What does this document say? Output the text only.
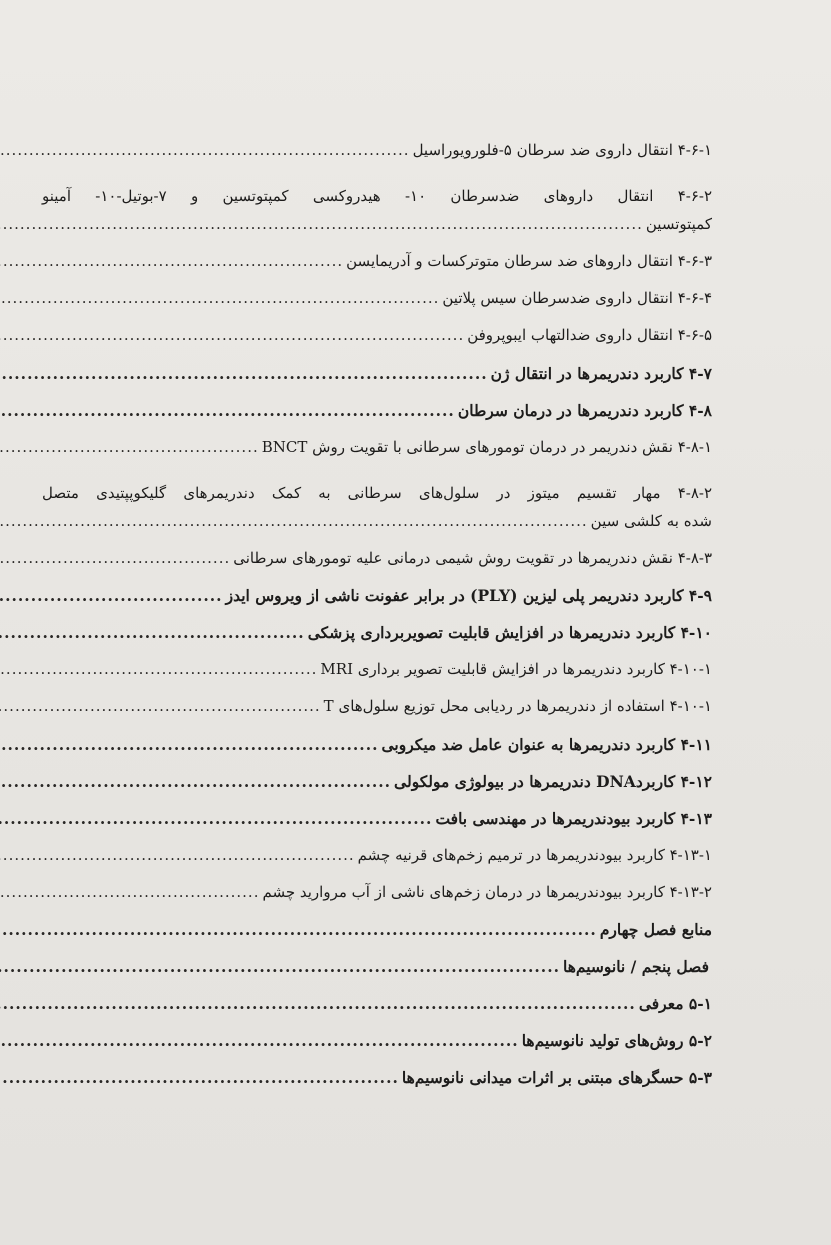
۴-۶-۱ انتقال داروی ضد سرطان ۵-فلورویوراسیل
.....
۴-۶-۲ انتقال داروهای ضدسرطان ۱۰- هیدروکسی کمپتوتسین و ۷-بوتیل-۱۰- آمینو
کمپتوتسین
.....
۴-۶-۳ انتقال داروهای ضد سرطان متوترکسات و آدریمایسن
.....
۴-۶-۴ انتقال داروی ضدسرطان سیس پلاتین
.....
۴-۶-۵ انتقال داروی ضدالتهاب ایبوپروفن
.....
۴-۷ کاربرد دندریمرها در انتقال ژن
.....
۴-۸ کاربرد دندریمرها در درمان سرطان
.....
۴-۸-۱ نقش دندریمر در درمان تومورهای سرطانی با تقویت روش BNCT
.....
۴-۸-۲ مهار تقسیم میتوز در سلول‌های سرطانی به کمک دندریمرهای گلیکوپپتیدی متصل
شده به کلشی سین
.....
۴-۸-۳ نقش دندریمرها در تقویت روش شیمی درمانی علیه تومورهای سرطانی
.....
۴-۹ کاربرد دندریمر پلی لیزین (PLY) در برابر عفونت ناشی از ویروس ایدز
.....
۴-۱۰ کاربرد دندریمرها در افزایش قابلیت تصویربرداری پزشکی
.....
۴-۱۰-۱ کاربرد دندریمرها در افزایش قابلیت تصویر برداری MRI
.....
۴-۱۰-۱ استفاده از دندریمرها در ردیابی محل توزیع سلول‌های T
.....
۴-۱۱ کاربرد دندریمرها به عنوان عامل ضد میکروبی
.....
۴-۱۲ کاربردDNA دندریمرها در بیولوژی مولکولی
.....
۴-۱۳ کاربرد بیودندریمرها در مهندسی بافت
.....
۴-۱۳-۱ کاربرد بیودندریمرها در ترمیم زخم‌های قرنیه چشم
.....
۴-۱۳-۲ کاربرد بیودندریمرها در درمان زخم‌های ناشی از آب مروارید چشم
.....
منابع فصل چهارم
.....
فصل پنجم / نانوسیم‌ها
.....
۵-۱ معرفی
.....
۵-۲ روش‌های تولید نانوسیم‌ها
.....
۵-۳ حسگرهای مبتنی بر اثرات میدانی نانوسیم‌ها
.....
